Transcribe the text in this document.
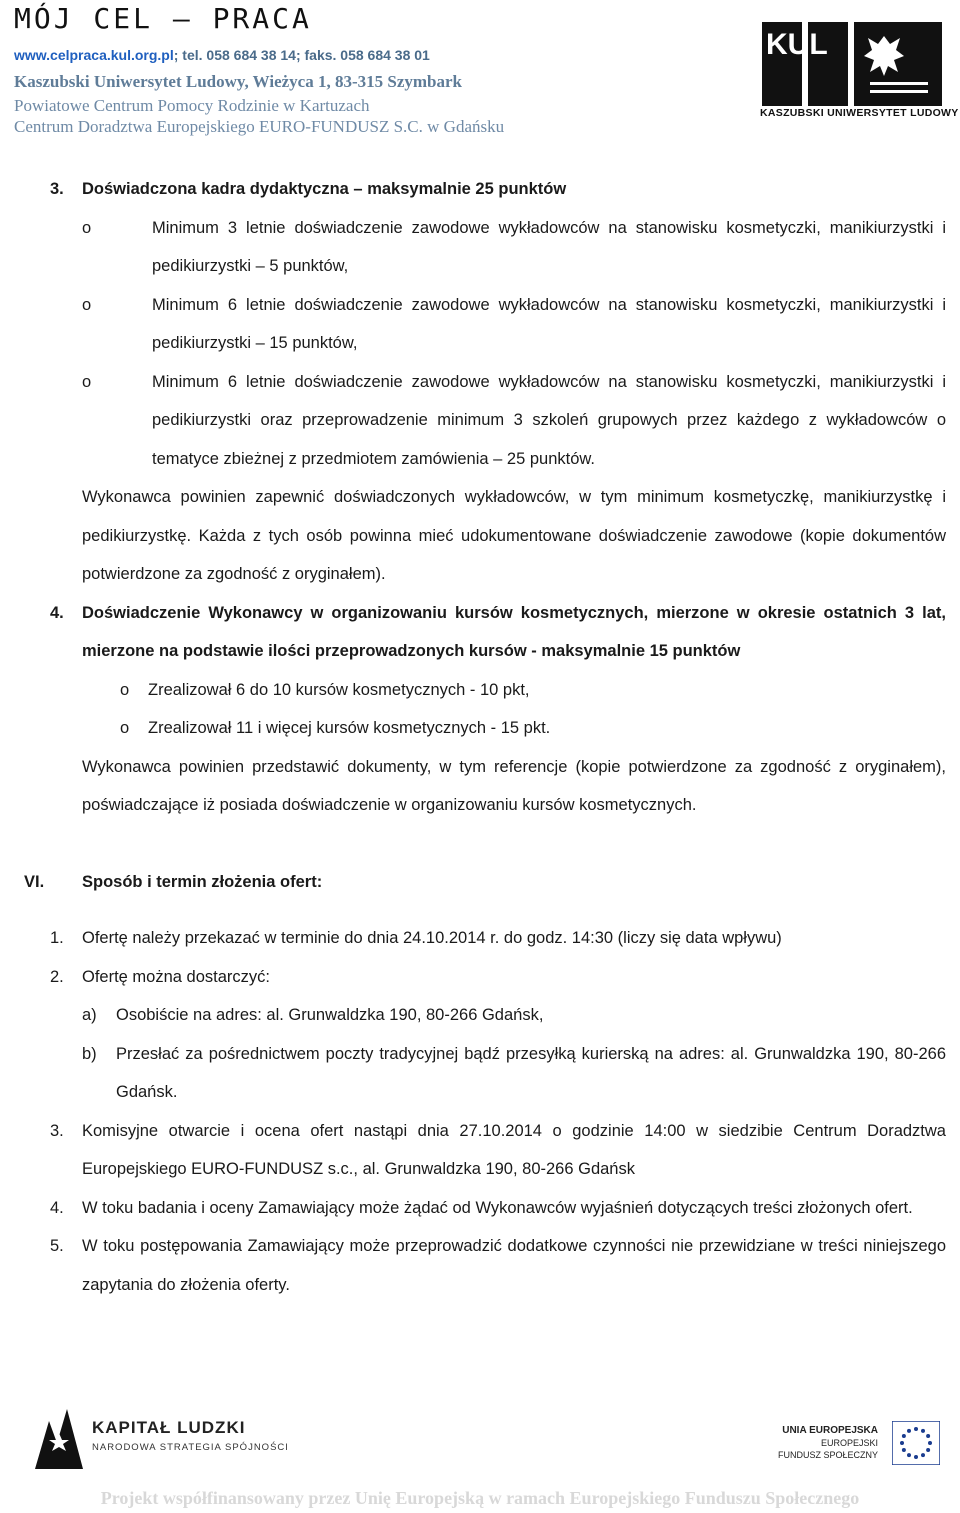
MÓJ CEL – PRACA
www.celpraca.kul.org.pl; tel. 058 684 38 14; faks. 058 684 38 01
Kaszubski Uniwersytet Ludowy, Wieżyca 1, 83-315 Szymbark
Powiatowe Centrum Pomocy Rodzinie w Kartuzach
Centrum Doradztwa Europejskiego EURO-FUNDUSZ S.C. w Gdańsku
KUL
KASZUBSKI UNIWERSYTET LUDOWY
3. Doświadczona kadra dydaktyczna – maksymalnie 25 punktów
o	Minimum 3 letnie doświadczenie zawodowe wykładowców na stanowisku kosmetyczki, manikiurzystki i pedikiurzystki – 5 punktów,
o	Minimum 6 letnie doświadczenie zawodowe wykładowców na stanowisku kosmetyczki, manikiurzystki i pedikiurzystki – 15 punktów,
o	Minimum 6 letnie doświadczenie zawodowe wykładowców na stanowisku kosmetyczki, manikiurzystki i pedikiurzystki oraz przeprowadzenie minimum 3 szkoleń grupowych przez każdego z wykładowców o tematyce zbieżnej z przedmiotem zamówienia – 25 punktów.
Wykonawca powinien zapewnić doświadczonych wykładowców, w tym minimum kosmetyczkę, manikiurzystkę i pedikiurzystkę. Każda z tych osób powinna mieć udokumentowane doświadczenie zawodowe (kopie dokumentów potwierdzone za zgodność z oryginałem).
4. Doświadczenie Wykonawcy w organizowaniu kursów kosmetycznych, mierzone w okresie ostatnich 3 lat, mierzone na podstawie ilości przeprowadzonych kursów - maksymalnie 15 punktów
o Zrealizował 6 do 10 kursów kosmetycznych - 10 pkt,
o Zrealizował 11 i więcej kursów kosmetycznych - 15 pkt.
Wykonawca powinien przedstawić dokumenty, w tym referencje (kopie potwierdzone za zgodność z oryginałem), poświadczające iż posiada doświadczenie w organizowaniu kursów kosmetycznych.
VI. Sposób i termin złożenia ofert:
1. Ofertę należy przekazać w terminie do dnia 24.10.2014 r. do godz. 14:30 (liczy się data wpływu)
2. Ofertę można dostarczyć:
a) Osobiście na adres: al. Grunwaldzka 190, 80-266 Gdańsk,
b) Przesłać za pośrednictwem poczty tradycyjnej bądź przesyłką kurierską na adres: al. Grunwaldzka 190, 80-266 Gdańsk.
3. Komisyjne otwarcie i ocena ofert nastąpi dnia 27.10.2014 o godzinie 14:00 w siedzibie Centrum Doradztwa Europejskiego EURO-FUNDUSZ s.c., al. Grunwaldzka 190, 80-266 Gdańsk
4. W toku badania i oceny Zamawiający może żądać od Wykonawców wyjaśnień dotyczących treści złożonych ofert.
5. W toku postępowania Zamawiający może przeprowadzić dodatkowe czynności nie przewidziane w treści niniejszego zapytania do złożenia oferty.
KAPITAŁ LUDZKI
NARODOWA STRATEGIA SPÓJNOŚCI
UNIA EUROPEJSKA
EUROPEJSKI
FUNDUSZ SPOŁECZNY
Projekt współfinansowany przez Unię Europejską w ramach Europejskiego Funduszu Społecznego
